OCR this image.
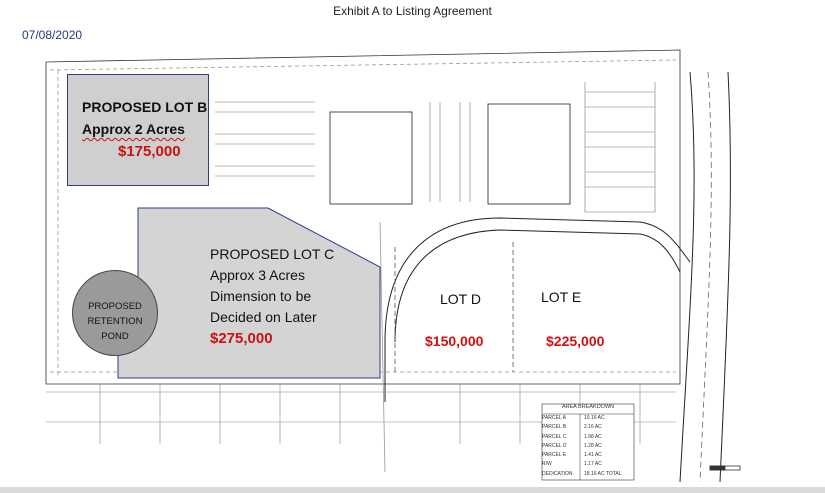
Exhibit A to Listing Agreement
07/08/2020
AREA BREAKDOWN
PARCEL A
PARCEL B
PARCEL C
PARCEL D
PARCEL E
R/W DEDICATION
10.16 AC
2.16 AC
1.98 AC
1.28 AC
1.41 AC
1.17 AC
18.16 AC TOTAL
PROPOSED LOT B
Approx 2 Acres
$175,000
PROPOSED LOT C
Approx 3 Acres
Dimension to be
Decided on Later
$275,000
LOT D
$150,000
LOT E
$225,000
PROPOSED
RETENTION
POND
